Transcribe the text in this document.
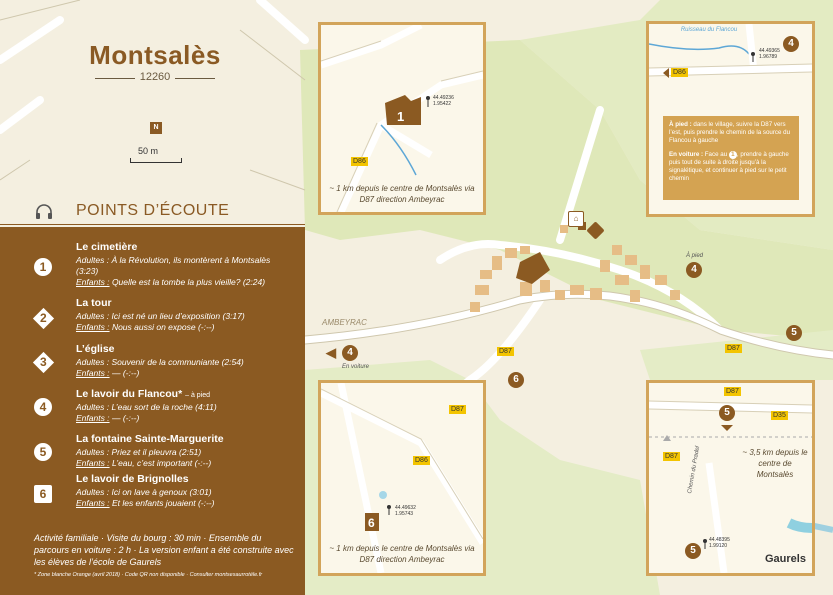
Montsalès
12260
N
50 m
POINTS D’ÉCOUTE
1
Le cimetière
Adultes : À la Révolution, ils montèrent à Montsalès
(3:23)
Enfants : Quelle est la tombe la plus vieille? (2:24)
2
La tour
Adultes : Ici est né un lieu d’exposition (3:17)
Enfants : Nous aussi on expose (-:--)
3
L’église
Adultes : Souvenir de la communiante (2:54)
Enfants : — (-:--)
4
Le lavoir du Flancou* – à pied
Adultes : L’eau sort de la roche (4:11)
Enfants : — (-:--)
5
La fontaine Sainte-Marguerite
Adultes : Priez et il pleuvra (2:51)
Enfants : L’eau, c’est important (-:--)
6
Le lavoir de Brignolles
Adultes : Ici on lave à genoux (3:01)
Enfants : Et les enfants jouaient (-:--)
Activité familiale · Visite du bourg : 30 min · Ensemble du parcours en voiture : 2 h · La version enfant a été construite avec les élèves de l’école de Gaurels
* Zone blanche Orange (avril 2018) · Code QR non disponible · Consulter montsesaurrotéle.fr
1
44.49236
1.95422
D86
~ 1 km depuis le centre de Montsalès via D87 direction Ambeyrac
Ruisseau du Flancou
44.49365
1.96789
D86
4
À pied : dans le village, suivre la D87 vers l’est, puis prendre le chemin de la source du Flancou à gauche
En voiture : Face au 1 , prendre à gauche puis tout de suite à droite jusqu’à la signalétique, et continuer à pied sur le petit chemin
6
D87
D86
44.49632
1.95743
~ 1 km depuis le centre de Montsalès via D87 direction Ambeyrac
D87
D35
D87
5
Chemin du Pradel	~ 3,5 km depuis le centre de Montsalès
44.48395
1.99120
5
Gaurels
AMBEYRAC
◀	4
En voiture
D87	D87
6
⌂
4
À pied
5
